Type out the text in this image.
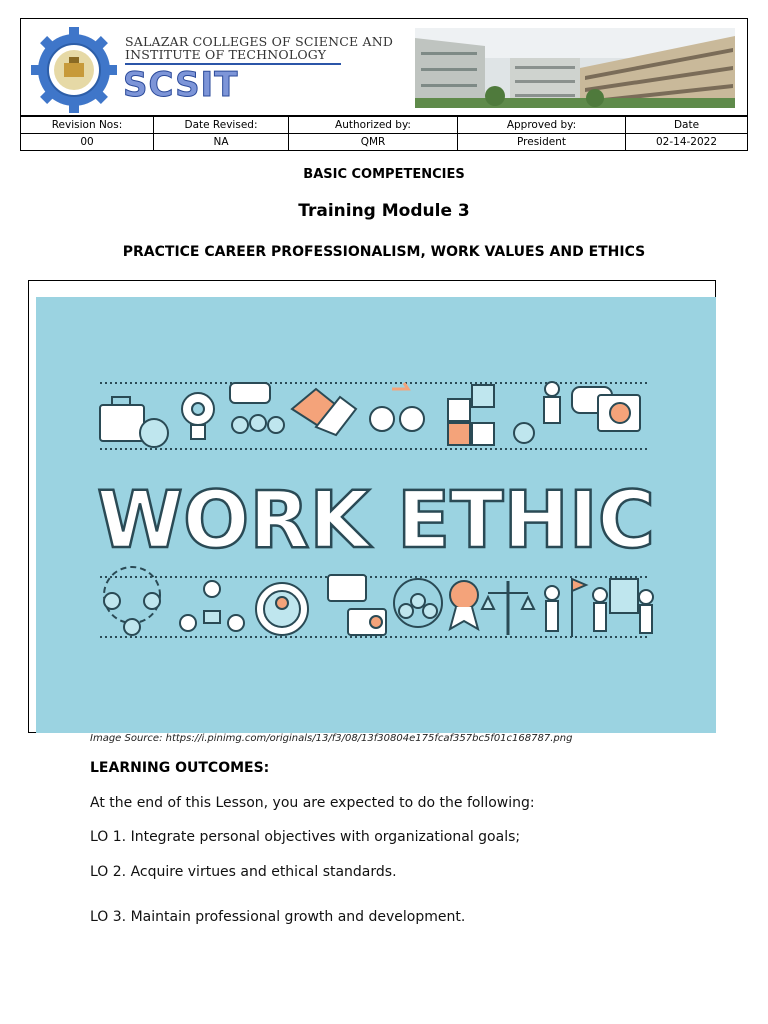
SALAZAR COLLEGES OF SCIENCE AND
INSTITUTE OF TECHNOLOGY
SCSIT
Revision Nos:	Date Revised:	Authorized by:	Approved by:	Date
00	NA	QMR	President	02-14-2022
BASIC COMPETENCIES
Training Module 3
PRACTICE CAREER PROFESSIONALISM, WORK VALUES AND ETHICS
WORK ETHIC
Image Source: https://i.pinimg.com/originals/13/f3/08/13f30804e175fcaf357bc5f01c168787.png
LEARNING OUTCOMES:
At the end of this Lesson, you are expected to do the following:
LO 1. Integrate personal objectives with organizational goals;
LO 2. Acquire virtues and ethical standards.
LO 3. Maintain professional growth and development.
